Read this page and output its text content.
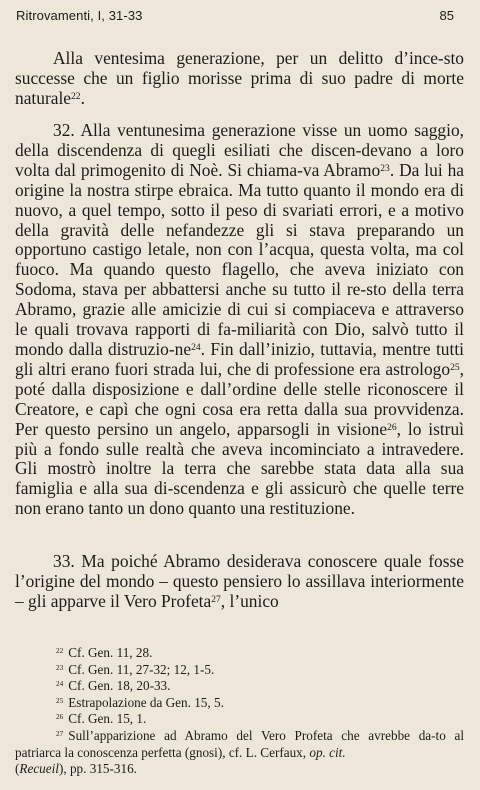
Ritrovamenti, I, 31-33	85

Alla ventesima generazione, per un delitto d’ince-sto successe che un figlio morisse prima di suo padre di morte naturale$^{22}$.

32. Alla ventunesima generazione visse un uomo saggio, della discendenza di quegli esiliati che discen-devano a loro volta dal primogenito di Noè. Si chiama-va Abramo$^{23}$. Da lui ha origine la nostra stirpe ebraica. Ma tutto quanto il mondo era di nuovo, a quel tempo, sotto il peso di svariati errori, e a motivo della gravità delle nefandezze gli si stava preparando un opportuno castigo letale, non con l’acqua, questa volta, ma col fuoco. Ma quando questo flagello, che aveva iniziato con Sodoma, stava per abbattersi anche su tutto il re-sto della terra Abramo, grazie alle amicizie di cui si compiaceva e attraverso le quali trovava rapporti di fa-miliarità con Dio, salvò tutto il mondo dalla distruzio-$ne^{24}$. Fin dall’inizio, tuttavia, mentre tutti gli altri erano fuori strada lui, che di professione era astrologo$^{25}$, poté dalla disposizione e dall’ordine delle stelle riconoscere il Creatore, e capì che ogni cosa era retta dalla sua provvidenza. Per questo persino un angelo, apparsogli in visione$^{26}$, lo istruì più a fondo sulle realtà che aveva incominciato a intravedere. Gli mostrò inoltre la terra che sarebbe stata data alla sua famiglia e alla sua di-scendenza e gli assicurò che quelle terre non erano tanto un dono quanto una restituzione.

33. Ma poiché Abramo desiderava conoscere quale fosse l’origine del mondo – questo pensiero lo assillava interiormente – gli apparve il Vero Profeta$^{27}$, l’unico

$^{22}$ Cf. Gen. 11, 28.
$^{23}$ Cf. Gen. 11, 27-32; 12, 1-5.
$^{24}$ Cf. Gen. 18, 20-33.
$^{25}$ Estrapolazione da Gen. 15, 5.
$^{26}$ Cf. Gen. 15, 1.
$^{27}$ Sull’apparizione ad Abramo del Vero Profeta che avrebbe da-to al patriarca la conoscenza perfetta (gnosi), cf. L. Cerfaux, op. cit.
(Recueil), pp. 315-316.
